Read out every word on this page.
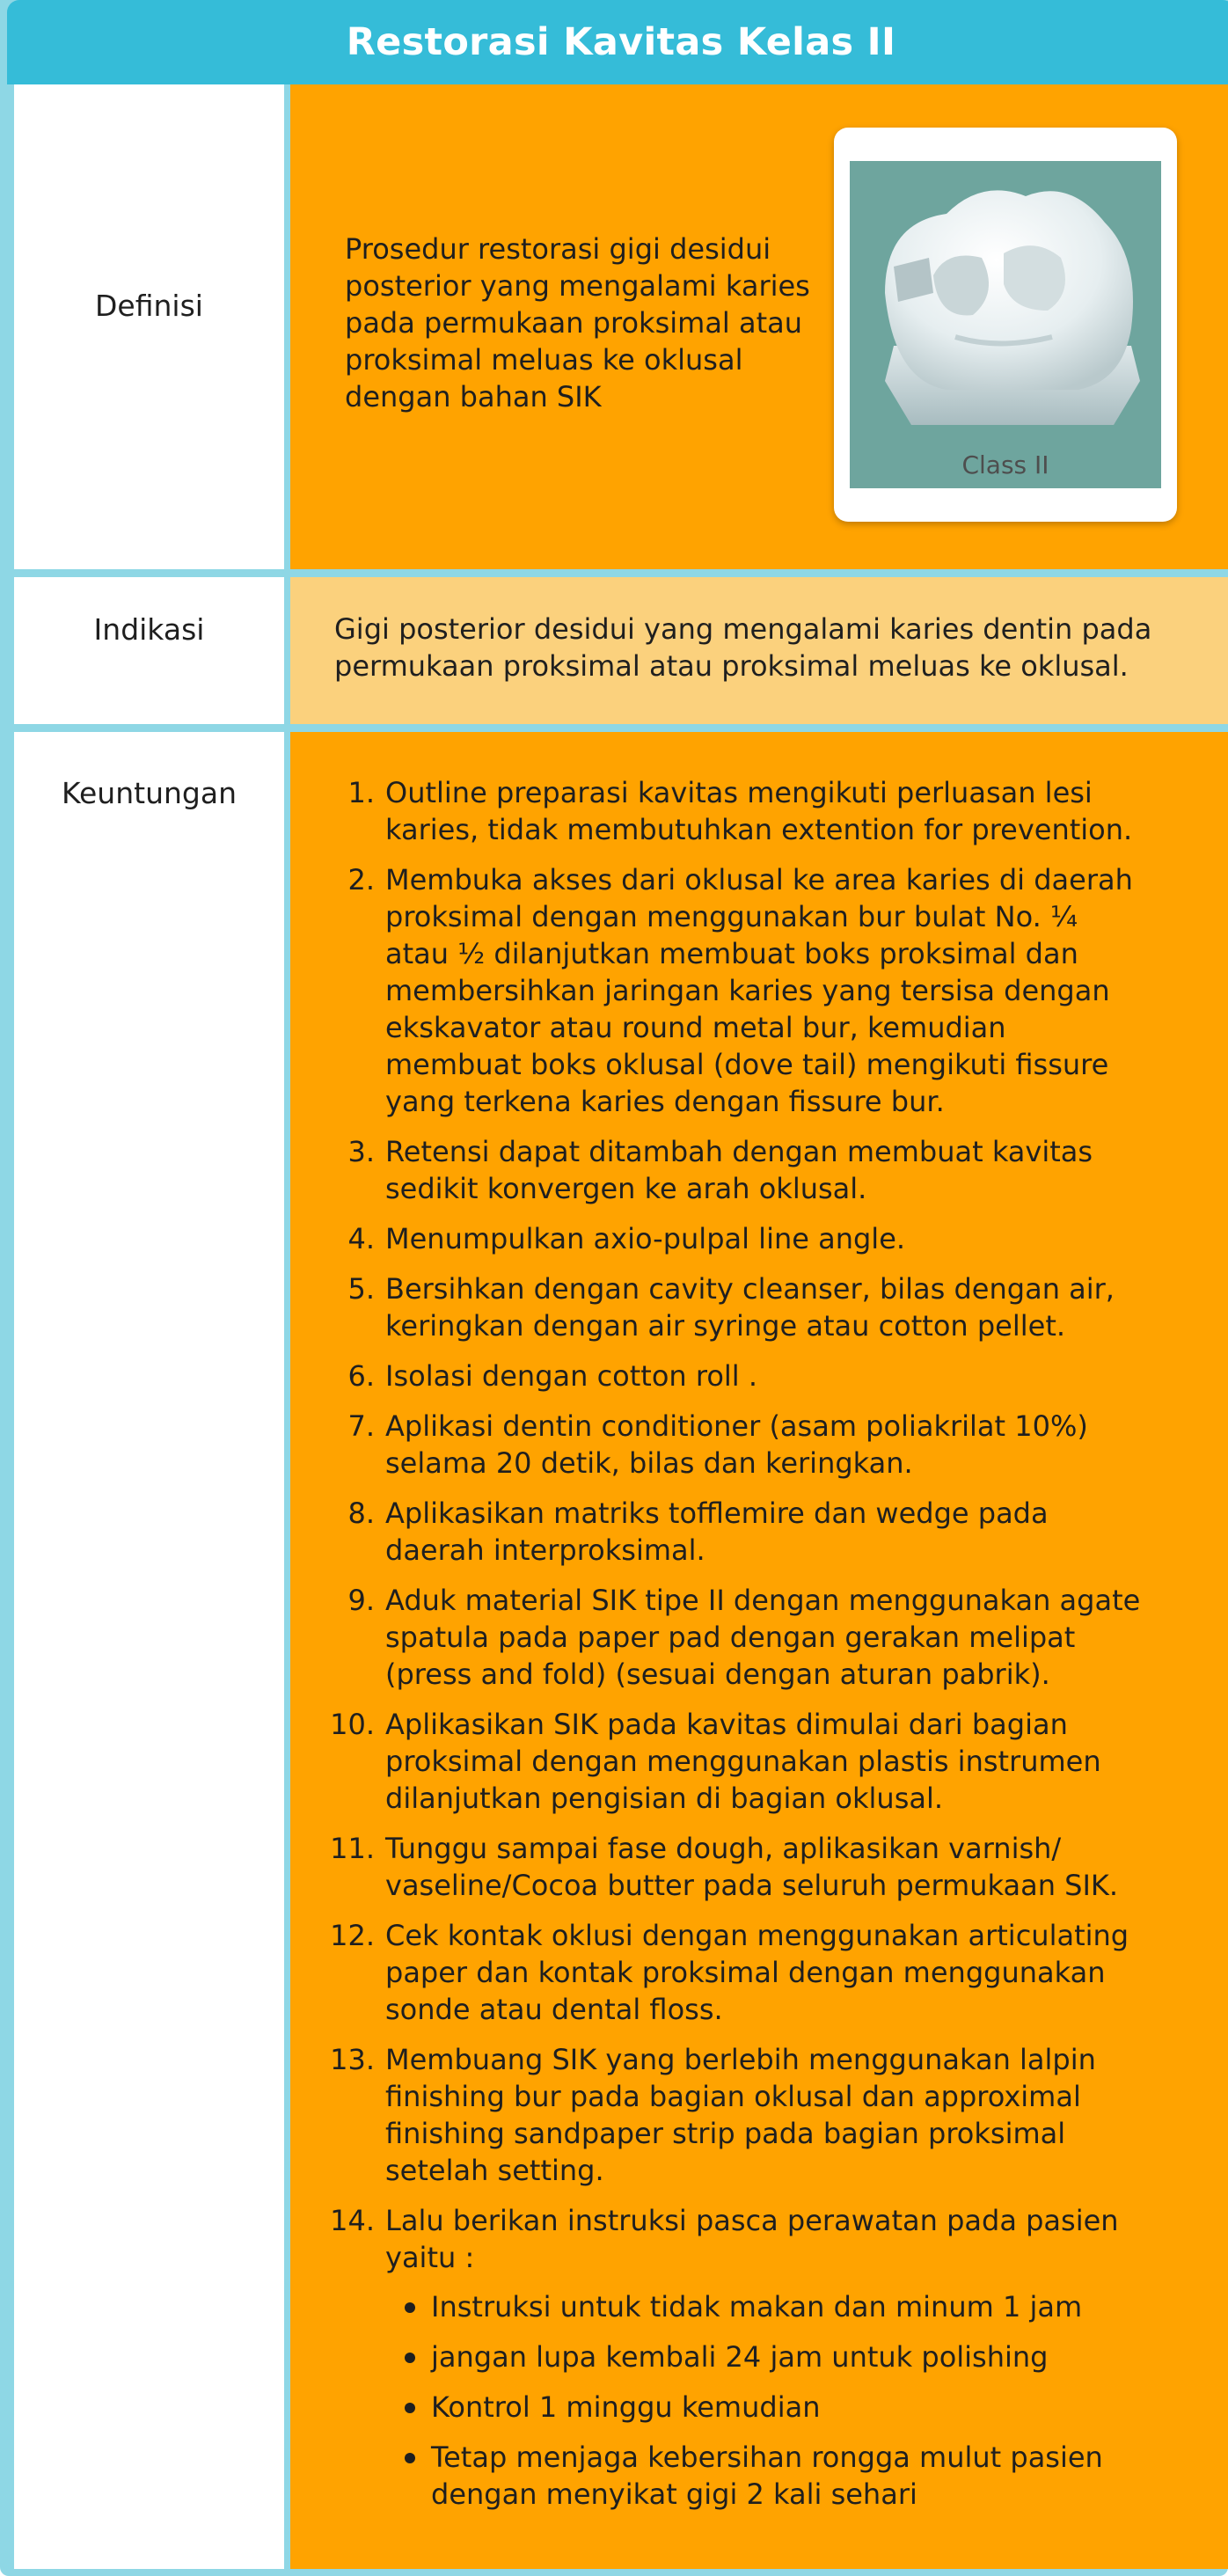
Restorasi Kavitas Kelas II
Definisi

Prosedur restorasi gigi desidui posterior yang mengalami karies pada permukaan proksimal atau proksimal meluas ke oklusal dengan bahan SIK

Class II
Indikasi	Gigi posterior desidui yang mengalami karies dentin pada permukaan proksimal atau proksimal meluas ke oklusal.

Keuntungan	1. Outline preparasi kavitas mengikuti perluasan lesi karies, tidak membutuhkan extention for prevention.
2. Membuka akses dari oklusal ke area karies di daerah proksimal dengan menggunakan bur bulat No. ¼ atau ½ dilanjutkan membuat boks proksimal dan membersihkan jaringan karies yang tersisa dengan ekskavator atau round metal bur, kemudian membuat boks oklusal (dove tail) mengikuti fissure yang terkena karies dengan fissure bur.
3. Retensi dapat ditambah dengan membuat kavitas sedikit konvergen ke arah oklusal.
4. Menumpulkan axio-pulpal line angle.
5. Bersihkan dengan cavity cleanser, bilas dengan air, keringkan dengan air syringe atau cotton pellet.
6. Isolasi dengan cotton roll .
7. Aplikasi dentin conditioner (asam poliakrilat 10%) selama 20 detik, bilas dan keringkan.
8. Aplikasikan matriks tofflemire dan wedge pada daerah interproksimal.
9. Aduk material SIK tipe II dengan menggunakan agate spatula pada paper pad dengan gerakan melipat (press and fold) (sesuai dengan aturan pabrik).
10. Aplikasikan SIK pada kavitas dimulai dari bagian proksimal dengan menggunakan plastis instrumen dilanjutkan pengisian di bagian oklusal.
11. Tunggu sampai fase dough, aplikasikan varnish/ vaseline/Cocoa butter pada seluruh permukaan SIK.
12. Cek kontak oklusi dengan menggunakan articulating paper dan kontak proksimal dengan menggunakan sonde atau dental floss.
13. Membuang SIK yang berlebih menggunakan lalpin finishing bur pada bagian oklusal dan approximal finishing sandpaper strip pada bagian proksimal setelah setting.
14. Lalu berikan instruksi pasca perawatan pada pasien yaitu :
Instruksi untuk tidak makan dan minum 1 jam
jangan lupa kembali 24 jam untuk polishing
Kontrol 1 minggu kemudian
Tetap menjaga kebersihan rongga mulut pasien dengan menyikat gigi 2 kali sehari
